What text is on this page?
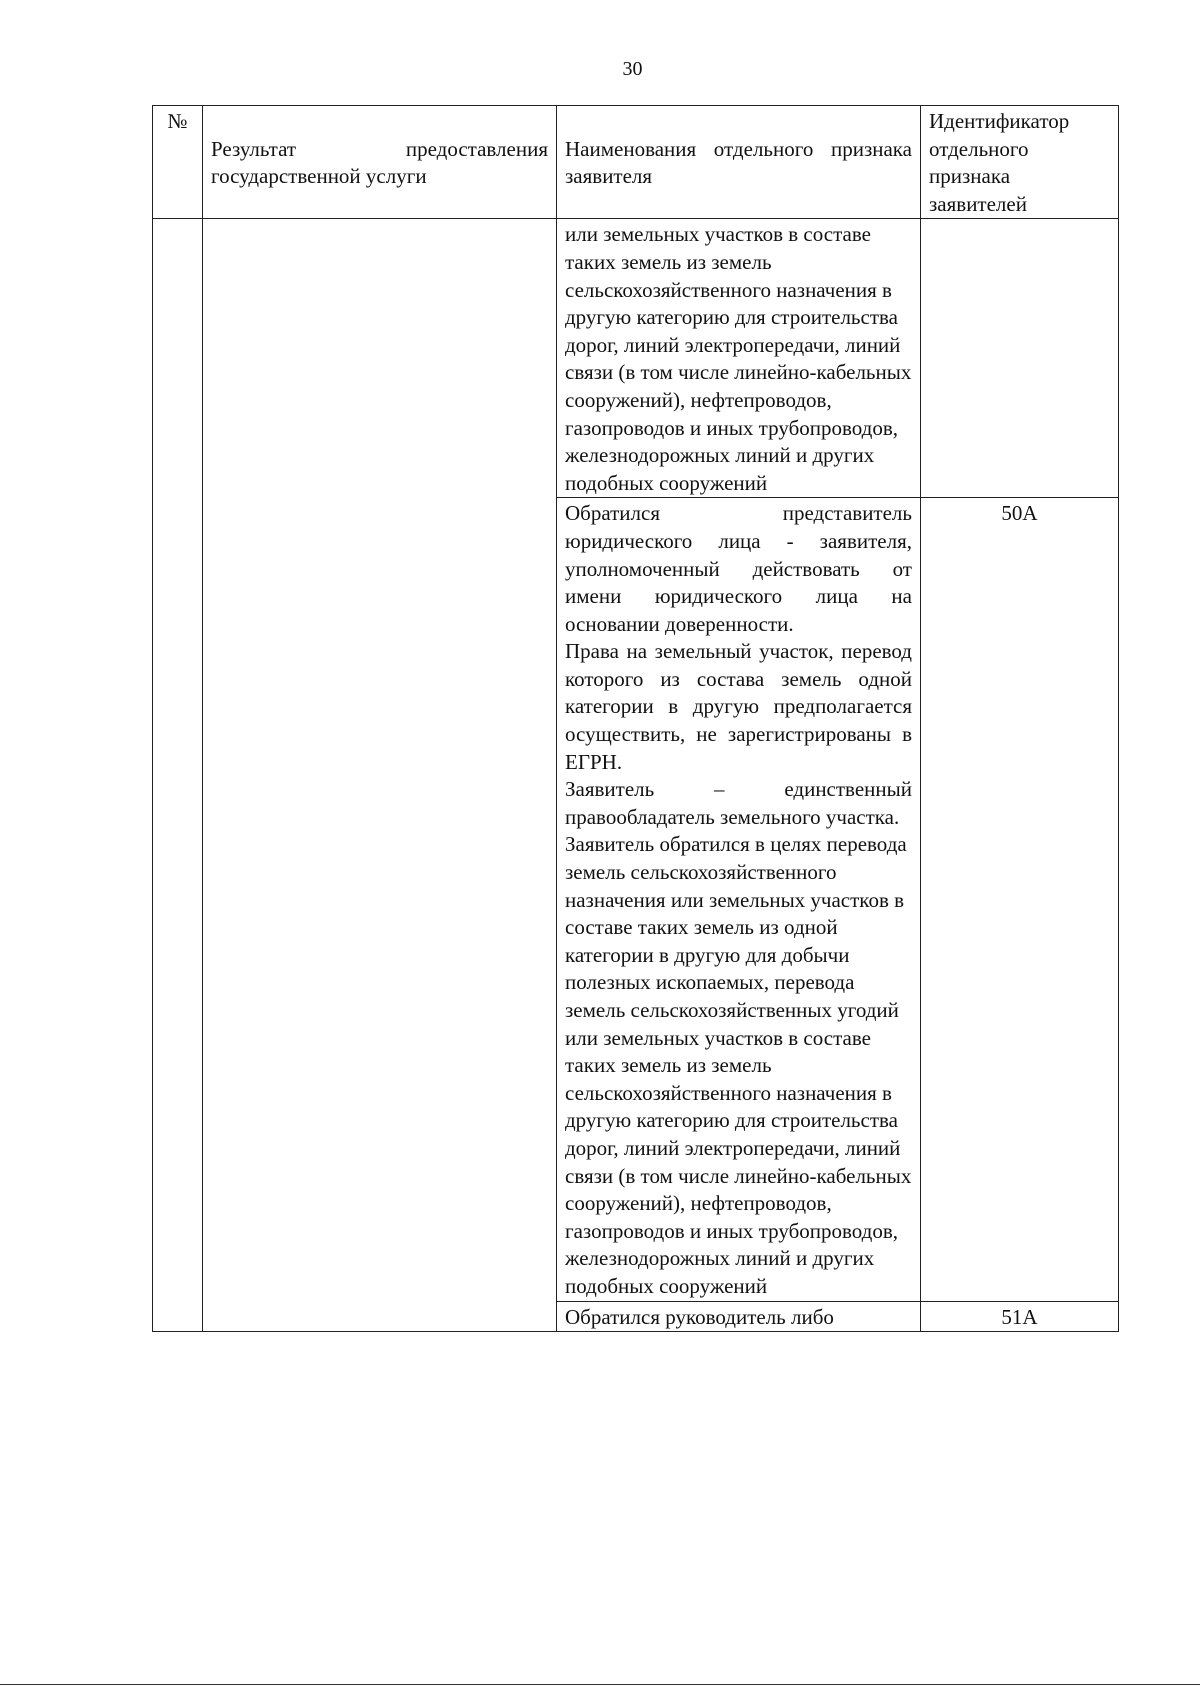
30
№	Результат предоставления государственной услуги	Наименования отдельного признака заявителя	Идентификатор отдельного признака заявителей
		или земельных участков в составе таких земель из земель сельскохозяйственного назначения в другую категорию для строительства дорог, линий электропередачи, линий связи (в том числе линейно-кабельных сооружений), нефтепроводов, газопроводов и иных трубопроводов, железнодорожных линий и других подобных сооружений	

		Обратился представитель юридического лица - заявителя, уполномоченный действовать от имени юридического лица на основании доверенности.
Права на земельный участок, перевод которого из состава земель одной категории в другую предполагается осуществить, не зарегистрированы в ЕГРН.
Заявитель – единственный правообладатель земельного участка.
Заявитель обратился в целях перевода земель сельскохозяйственного назначения или земельных участков в составе таких земель из одной категории в другую для добычи полезных ископаемых, перевода земель сельскохозяйственных угодий или земельных участков в составе таких земель из земель сельскохозяйственного назначения в другую категорию для строительства дорог, линий электропередачи, линий связи (в том числе линейно-кабельных сооружений), нефтепроводов, газопроводов и иных трубопроводов, железнодорожных линий и других подобных сооружений	50А
		Обратился руководитель либо	51А
